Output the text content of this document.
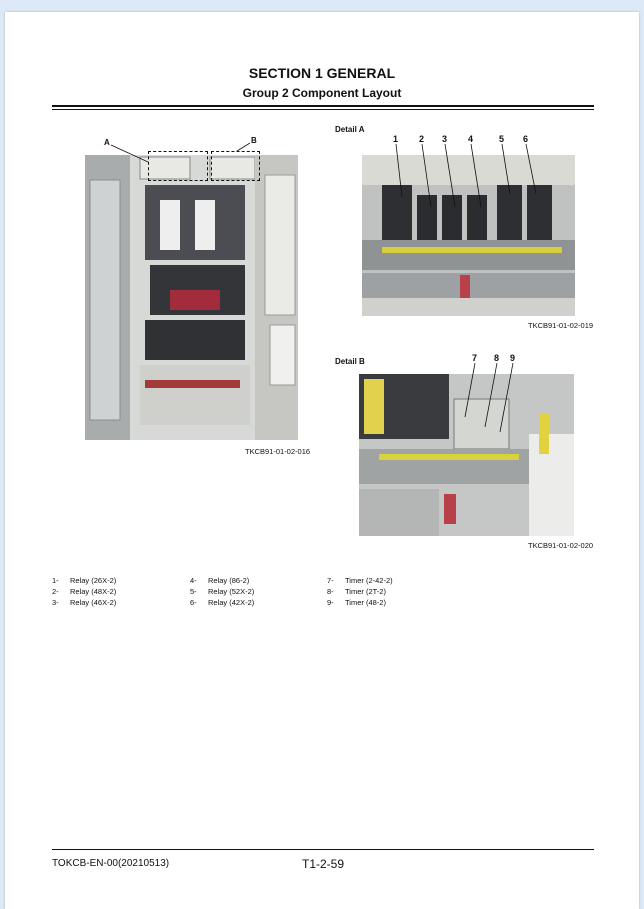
SECTION 1 GENERAL
Group 2 Component Layout
A	B
TKCB91-01-02-016
Detail A
1 2 3 4	5 6
TKCB91-01-02-019
Detail B	7 8 9
TKCB91-01-02-020
1- Relay (26X-2)
2- Relay (48X-2)
3- Relay (46X-2)
4- Relay (86-2)
5- Relay (52X-2)
6- Relay (42X-2)
7- Timer (2-42-2)
8- Timer (2T-2)
9- Timer (48-2)
TOKCB-EN-00(20210513)	T1-2-59
